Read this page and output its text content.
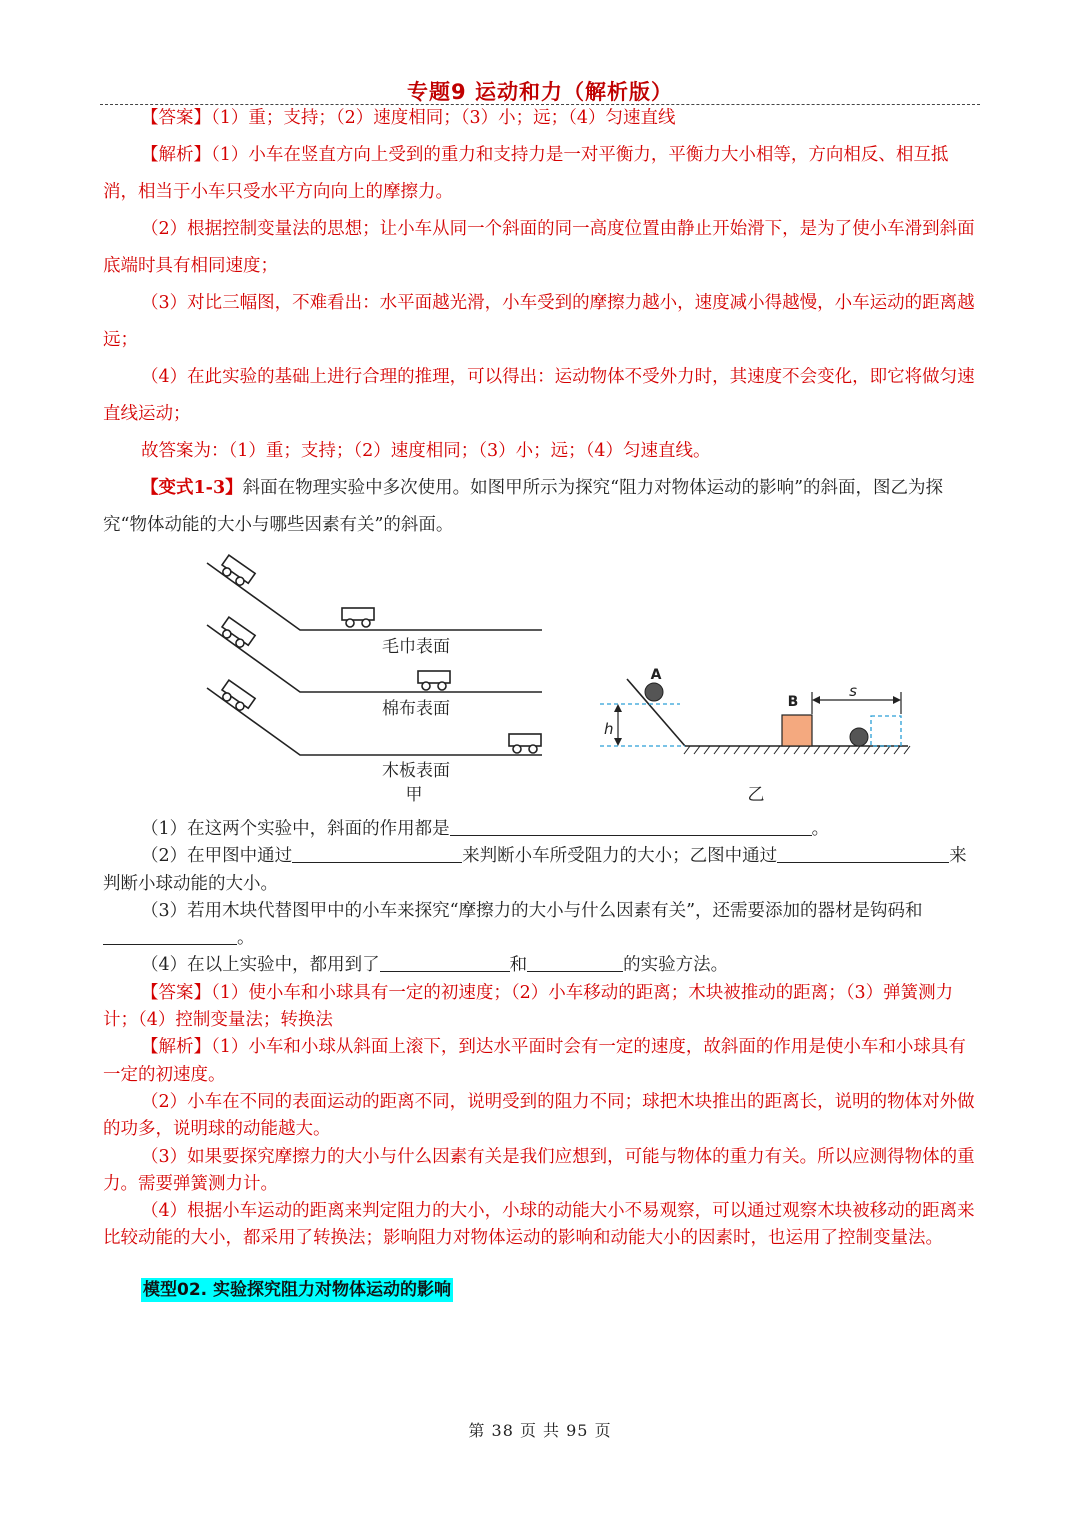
专题9 运动和力（解析版）
【答案】（1）重；支持；（2）速度相同；（3）小；远；（4）匀速直线
【解析】（1）小车在竖直方向上受到的重力和支持力是一对平衡力，平衡力大小相等，方向相反、相互抵消，相当于小车只受水平方向向上的摩擦力。
（2）根据控制变量法的思想；让小车从同一个斜面的同一高度位置由静止开始滑下，是为了使小车滑到斜面底端时具有相同速度；
（3）对比三幅图，不难看出：水平面越光滑，小车受到的摩擦力越小，速度减小得越慢，小车运动的距离越远；
（4）在此实验的基础上进行合理的推理，可以得出：运动物体不受外力时，其速度不会变化，即它将做匀速直线运动；
故答案为：（1）重；支持；（2）速度相同；（3）小；远；（4）匀速直线。
【变式1-3】斜面在物理实验中多次使用。如图甲所示为探究“阻力对物体运动的影响”的斜面，图乙为探究“物体动能的大小与哪些因素有关”的斜面。
毛巾表面
棉布表面
木板表面
甲
A
h
B
s
乙
（1）在这两个实验中，斜面的作用都是	。
（2）在甲图中通过	来判断小车所受阻力的大小；乙图中通过	来判断小球动能的大小。
（3）若用木块代替图甲中的小车来探究“摩擦力的大小与什么因素有关”，还需要添加的器材是钩码和。
（4）在以上实验中，都用到了	和	的实验方法。
【答案】（1）使小车和小球具有一定的初速度；（2）小车移动的距离；木块被推动的距离；（3）弹簧测力计；（4）控制变量法；转换法
【解析】（1）小车和小球从斜面上滚下，到达水平面时会有一定的速度，故斜面的作用是使小车和小球具有一定的初速度。
（2）小车在不同的表面运动的距离不同，说明受到的阻力不同；球把木块推出的距离长，说明的物体对外做的功多，说明球的动能越大。
（3）如果要探究摩擦力的大小与什么因素有关是我们应想到，可能与物体的重力有关。所以应测得物体的重力。需要弹簧测力计。
（4）根据小车运动的距离来判定阻力的大小，小球的动能大小不易观察，可以通过观察木块被移动的距离来比较动能的大小，都采用了转换法；影响阻力对物体运动的影响和动能大小的因素时，也运用了控制变量法。
模型02. 实验探究阻力对物体运动的影响
第 38 页 共 95 页
